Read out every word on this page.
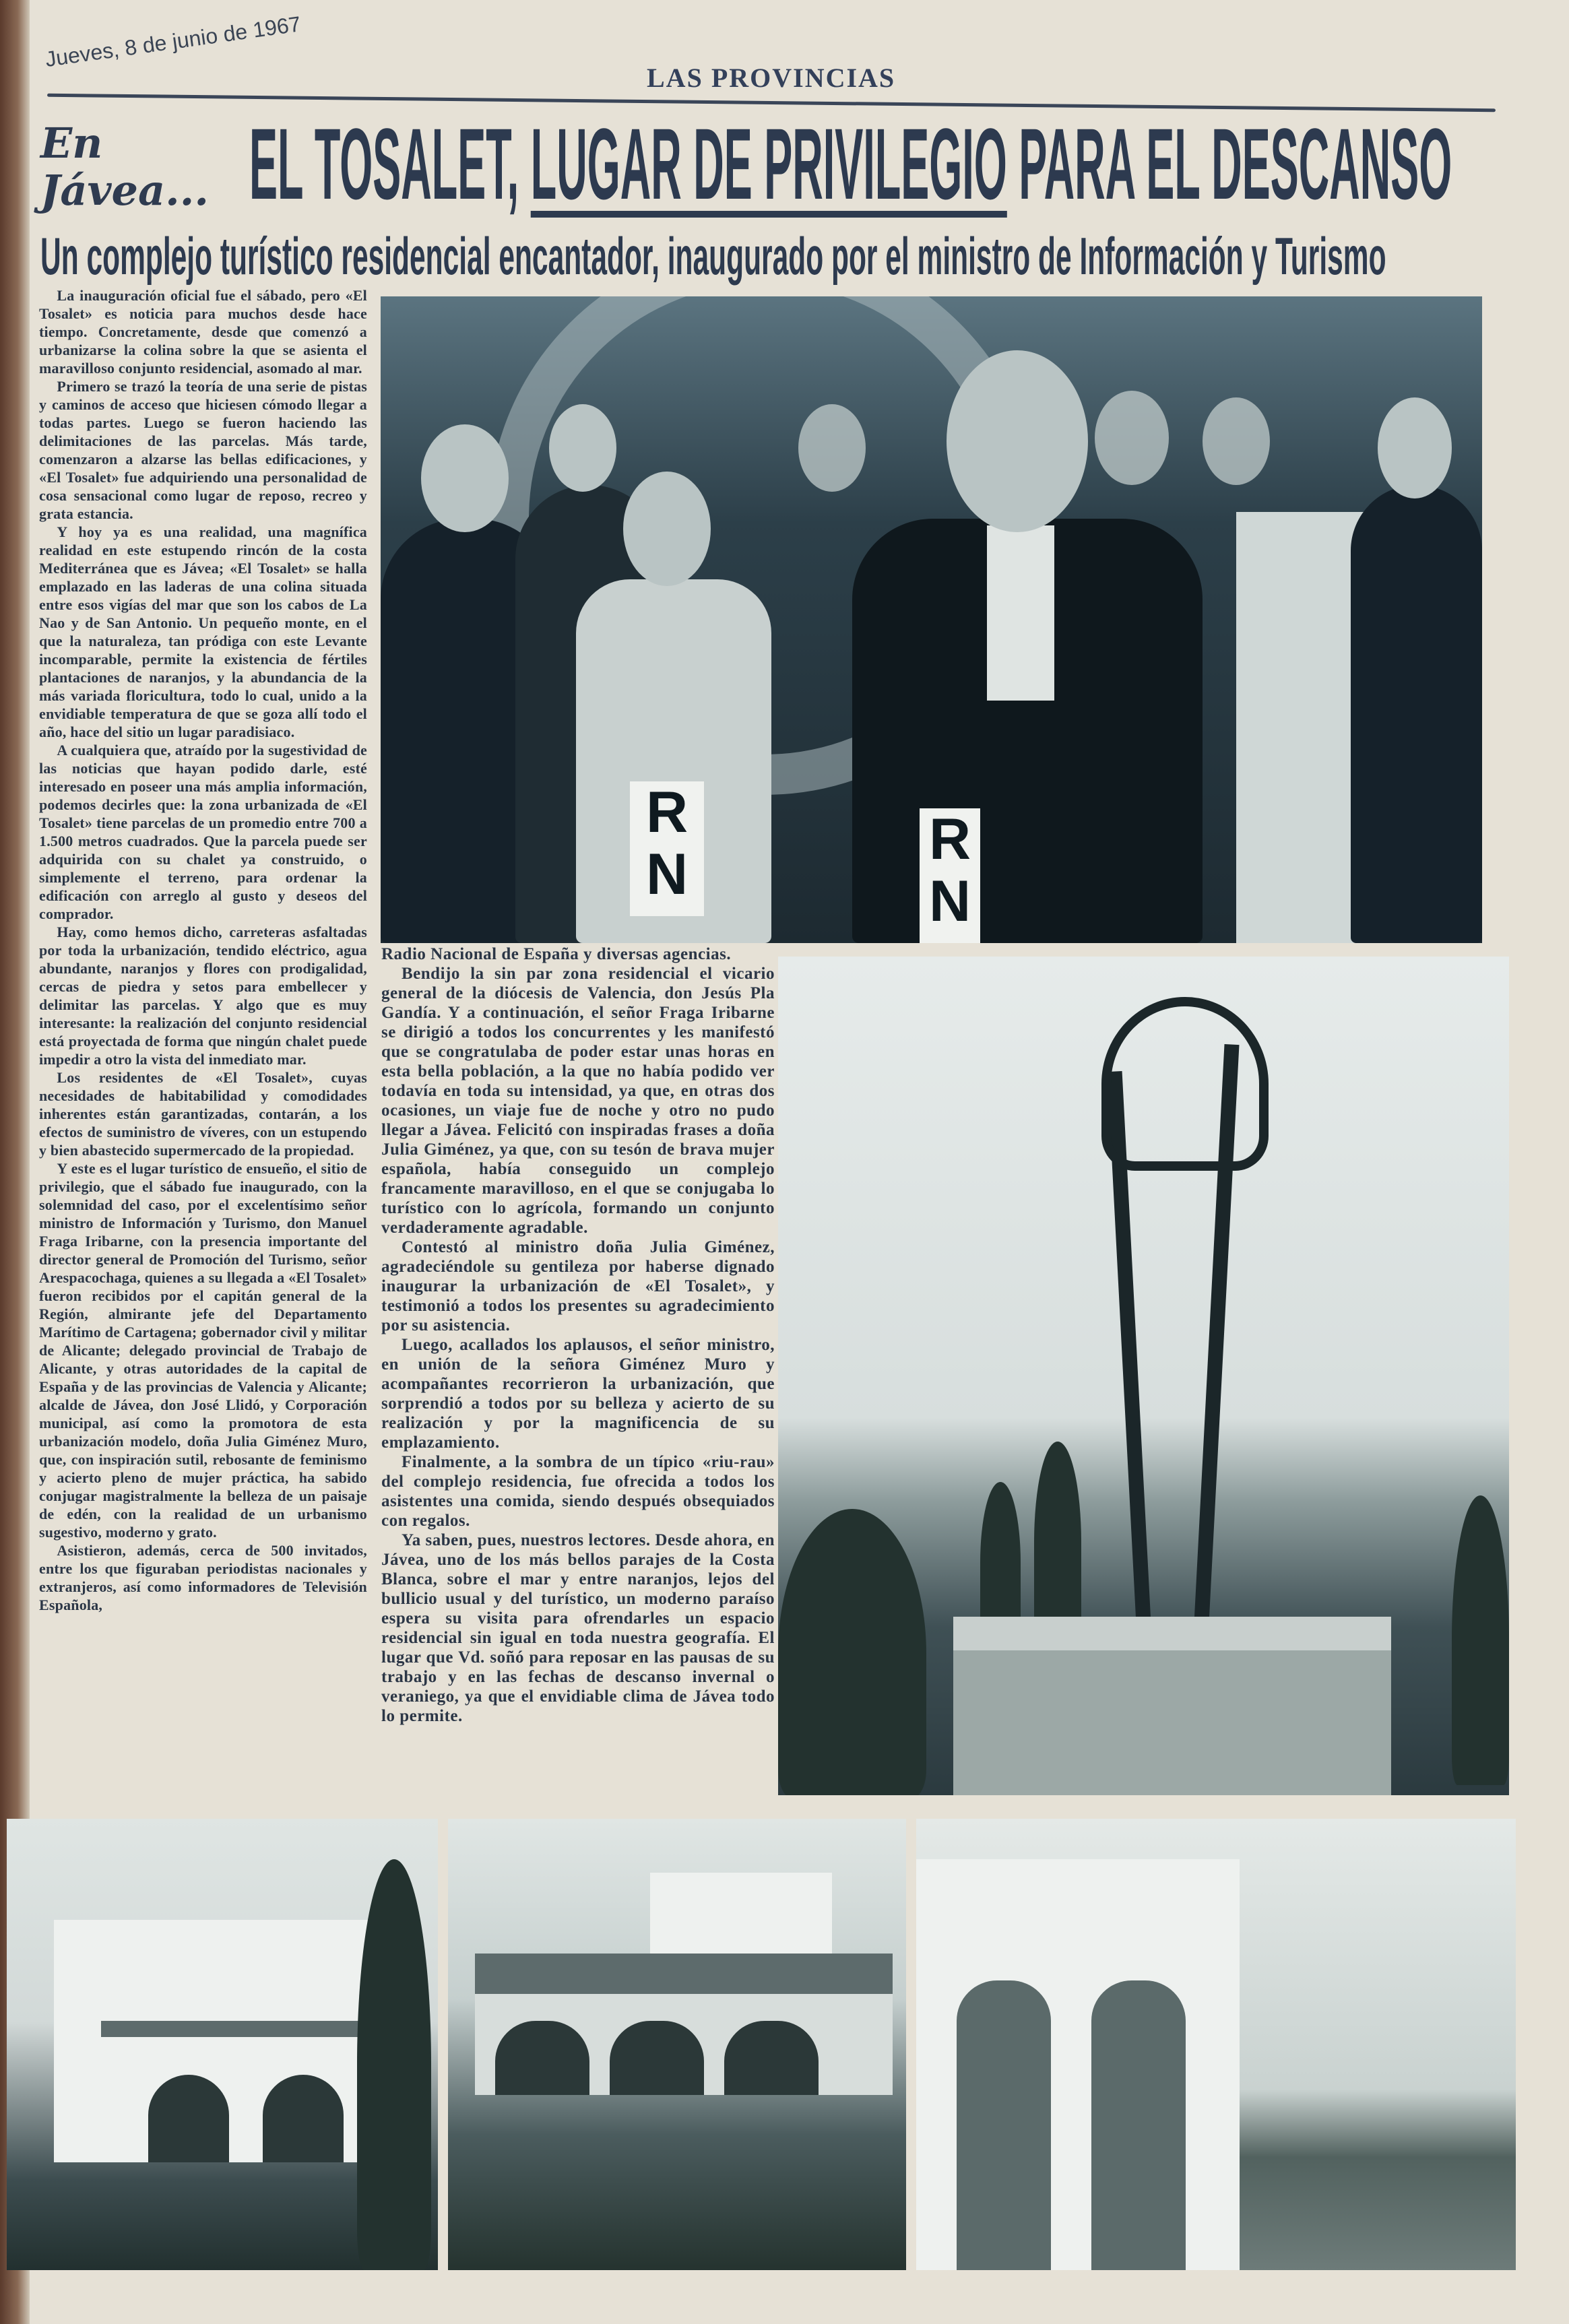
Jueves, 8 de junio de 1967
LAS PROVINCIAS
En
Jávea... EL TOSALET, LUGAR DE PRIVILEGIO PARA EL DESCANSO
Un complejo turístico residencial encantador, inaugurado por el ministro de Información y Turismo

La inauguración oficial fue el sábado, pero «El Tosalet» es noticia para muchos desde hace tiempo. Concretamente, desde que comenzó a urbanizarse la colina sobre la que se asienta el maravilloso conjunto residencial, asomado al mar.

Primero se trazó la teoría de una serie de pistas y caminos de acceso que hiciesen cómodo llegar a todas partes. Luego se fueron haciendo las delimitaciones de las parcelas. Más tarde, comenzaron a alzarse las bellas edificaciones, y «El Tosalet» fue adquiriendo una personalidad de cosa sensacional como lugar de reposo, recreo y grata estancia.

Y hoy ya es una realidad, una magnífica realidad en este estupendo rincón de la costa Mediterránea que es Jávea; «El Tosalet» se halla emplazado en las laderas de una colina situada entre esos vigías del mar que son los cabos de La Nao y de San Antonio. Un pequeño monte, en el que la naturaleza, tan pródiga con este Levante incomparable, permite la existencia de fértiles plantaciones de naranjos, y la abundancia de la más variada floricultura, todo lo cual, unido a la envidiable temperatura de que se goza allí todo el año, hace del sitio un lugar paradisiaco.

A cualquiera que, atraído por la sugestividad de las noticias que hayan podido darle, esté interesado en poseer una más amplia información, podemos decirles que: la zona urbanizada de «El Tosalet» tiene parcelas de un promedio entre 700 a 1.500 metros cuadrados. Que la parcela puede ser adquirida con su chalet ya construido, o simplemente el terreno, para ordenar la edificación con arreglo al gusto y deseos del comprador.

Hay, como hemos dicho, carreteras asfaltadas por toda la urbanización, tendido eléctrico, agua abundante, naranjos y flores con prodigalidad, cercas de piedra y setos para embellecer y delimitar las parcelas. Y algo que es muy interesante: la realización del conjunto residencial está proyectada de forma que ningún chalet puede impedir a otro la vista del inmediato mar.

Los residentes de «El Tosalet», cuyas necesidades de habitabilidad y comodidades inherentes están garantizadas, contarán, a los efectos de suministro de víveres, con un estupendo y bien abastecido supermercado de la propiedad.

Y este es el lugar turístico de ensueño, el sitio de privilegio, que el sábado fue inaugurado, con la solemnidad del caso, por el excelentísimo señor ministro de Información y Turismo, don Manuel Fraga Iribarne, con la presencia importante del director general de Promoción del Turismo, señor Arespacochaga, quienes a su llegada a «El Tosalet» fueron recibidos por el capitán general de la Región, almirante jefe del Departamento Marítimo de Cartagena; gobernador civil y militar de Alicante; delegado provincial de Trabajo de Alicante, y otras autoridades de la capital de España y de las provincias de Valencia y Alicante; alcalde de Jávea, don José Llidó, y Corporación municipal, así como la promotora de esta urbanización modelo, doña Julia Giménez Muro, que, con inspiración sutil, rebosante de feminismo y acierto pleno de mujer práctica, ha sabido conjugar magistralmente la belleza de un paisaje de edén, con la realidad de un urbanismo sugestivo, moderno y grato.

Asistieron, además, cerca de 500 invitados, entre los que figuraban periodistas nacionales y extranjeros, así como informadores de Televisión Española,

R
N
R
N

Radio Nacional de España y diversas agencias.

Bendijo la sin par zona residencial el vicario general de la diócesis de Valencia, don Jesús Pla Gandía. Y a continuación, el señor Fraga Iribarne se dirigió a todos los concurrentes y les manifestó que se congratulaba de poder estar unas horas en esta bella población, a la que no había podido ver todavía en toda su intensidad, ya que, en otras dos ocasiones, un viaje fue de noche y otro no pudo llegar a Jávea. Felicitó con inspiradas frases a doña Julia Giménez, ya que, con su tesón de brava mujer española, había conseguido un complejo francamente maravilloso, en el que se conjugaba lo turístico con lo agrícola, formando un conjunto verdaderamente agradable.

Contestó al ministro doña Julia Giménez, agradeciéndole su gentileza por haberse dignado inaugurar la urbanización de «El Tosalet», y testimonió a todos los presentes su agradecimiento por su asistencia.

Luego, acallados los aplausos, el señor ministro, en unión de la señora Giménez Muro y acompañantes recorrieron la urbanización, que sorprendió a todos por su belleza y acierto de su realización y por la magnificencia de su emplazamiento.

Finalmente, a la sombra de un típico «riu-rau» del complejo residencia, fue ofrecida a todos los asistentes una comida, siendo después obsequiados con regalos.

Ya saben, pues, nuestros lectores. Desde ahora, en Jávea, uno de los más bellos parajes de la Costa Blanca, sobre el mar y entre naranjos, lejos del bullicio usual y del turístico, un moderno paraíso espera su visita para ofrendarles un espacio residencial sin igual en toda nuestra geografía. El lugar que Vd. soñó para reposar en las pausas de su trabajo y en las fechas de descanso invernal o veraniego, ya que el envidiable clima de Jávea todo lo permite.
